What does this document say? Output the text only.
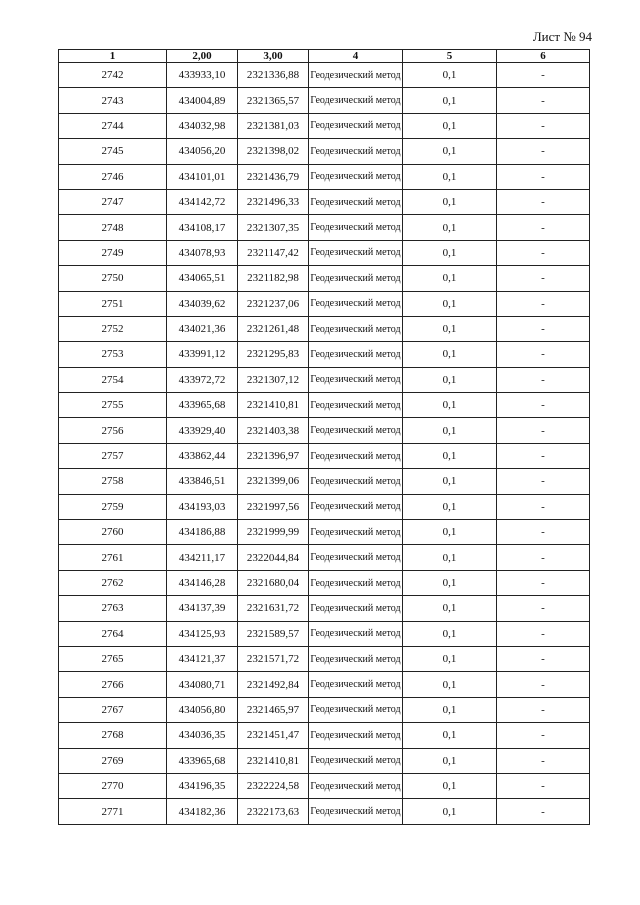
Лист № 94
1	2,00	3,00	4	5	6
2742	433933,10	2321336,88	Геодезический метод	0,1	-
2743	434004,89	2321365,57	Геодезический метод	0,1	-
2744	434032,98	2321381,03	Геодезический метод	0,1	-
2745	434056,20	2321398,02	Геодезический метод	0,1	-
2746	434101,01	2321436,79	Геодезический метод	0,1	-
2747	434142,72	2321496,33	Геодезический метод	0,1	-
2748	434108,17	2321307,35	Геодезический метод	0,1	-
2749	434078,93	2321147,42	Геодезический метод	0,1	-
2750	434065,51	2321182,98	Геодезический метод	0,1	-
2751	434039,62	2321237,06	Геодезический метод	0,1	-
2752	434021,36	2321261,48	Геодезический метод	0,1	-
2753	433991,12	2321295,83	Геодезический метод	0,1	-
2754	433972,72	2321307,12	Геодезический метод	0,1	-
2755	433965,68	2321410,81	Геодезический метод	0,1	-
2756	433929,40	2321403,38	Геодезический метод	0,1	-
2757	433862,44	2321396,97	Геодезический метод	0,1	-
2758	433846,51	2321399,06	Геодезический метод	0,1	-
2759	434193,03	2321997,56	Геодезический метод	0,1	-
2760	434186,88	2321999,99	Геодезический метод	0,1	-
2761	434211,17	2322044,84	Геодезический метод	0,1	-
2762	434146,28	2321680,04	Геодезический метод	0,1	-
2763	434137,39	2321631,72	Геодезический метод	0,1	-
2764	434125,93	2321589,57	Геодезический метод	0,1	-
2765	434121,37	2321571,72	Геодезический метод	0,1	-
2766	434080,71	2321492,84	Геодезический метод	0,1	-
2767	434056,80	2321465,97	Геодезический метод	0,1	-
2768	434036,35	2321451,47	Геодезический метод	0,1	-
2769	433965,68	2321410,81	Геодезический метод	0,1	-
2770	434196,35	2322224,58	Геодезический метод	0,1	-
2771	434182,36	2322173,63	Геодезический метод	0,1	-
